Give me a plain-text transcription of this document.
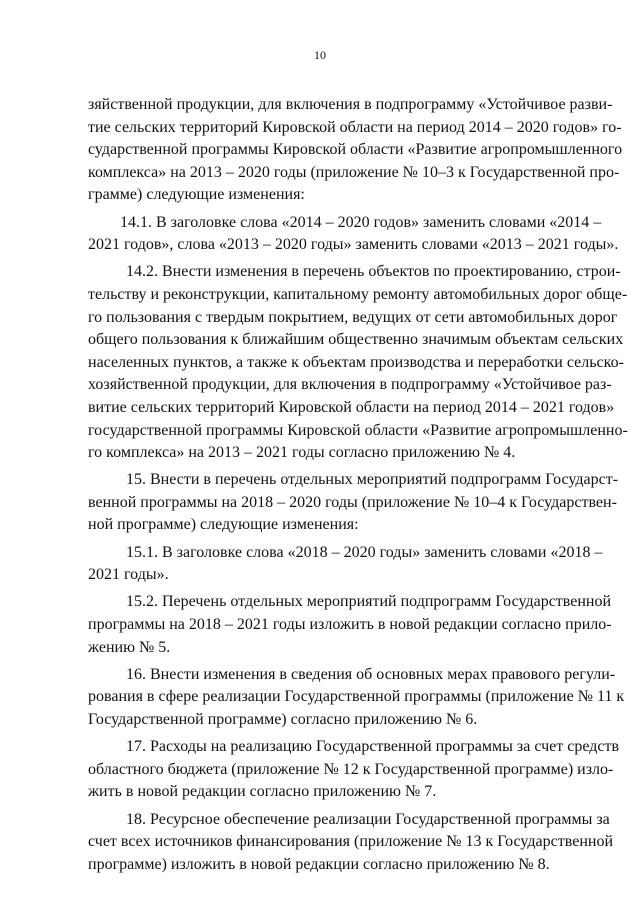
10
зяйственной продукции, для включения в подпрограмму «Устойчивое разви-
тие сельских территорий Кировской области на период 2014 – 2020 годов» го-
сударственной программы Кировской области «Развитие агропромышленного
комплекса» на 2013 – 2020 годы (приложение № 10–3 к Государственной про-
грамме) следующие изменения:
14.1. В заголовке слова «2014 – 2020 годов» заменить словами «2014 –
2021 годов», слова «2013 – 2020 годы» заменить словами «2013 – 2021 годы».
14.2. Внести изменения в перечень объектов по проектированию, строи-
тельству и реконструкции, капитальному ремонту автомобильных дорог обще-
го пользования с твердым покрытием, ведущих от сети автомобильных дорог
общего пользования к ближайшим общественно значимым объектам сельских
населенных пунктов, а также к объектам производства и переработки сельско-
хозяйственной продукции, для включения в подпрограмму «Устойчивое раз-
витие сельских территорий Кировской области на период 2014 – 2021 годов»
государственной программы Кировской области «Развитие агропромышленно-
го комплекса» на 2013 – 2021 годы согласно приложению № 4.
15. Внести в перечень отдельных мероприятий подпрограмм Государст-
венной программы на 2018 – 2020 годы (приложение № 10–4 к Государствен-
ной программе) следующие изменения:
15.1. В заголовке слова «2018 – 2020 годы» заменить словами «2018 –
2021 годы».
15.2. Перечень отдельных мероприятий подпрограмм Государственной
программы на 2018 – 2021 годы изложить в новой редакции согласно прило-
жению № 5.
16. Внести изменения в сведения об основных мерах правового регули-
рования в сфере реализации Государственной программы (приложение № 11 к
Государственной программе) согласно приложению № 6.
17. Расходы на реализацию Государственной программы за счет средств
областного бюджета (приложение № 12 к Государственной программе) изло-
жить в новой редакции согласно приложению № 7.
18. Ресурсное обеспечение реализации Государственной программы за
счет всех источников финансирования (приложение № 13 к Государственной
программе) изложить в новой редакции согласно приложению № 8.
